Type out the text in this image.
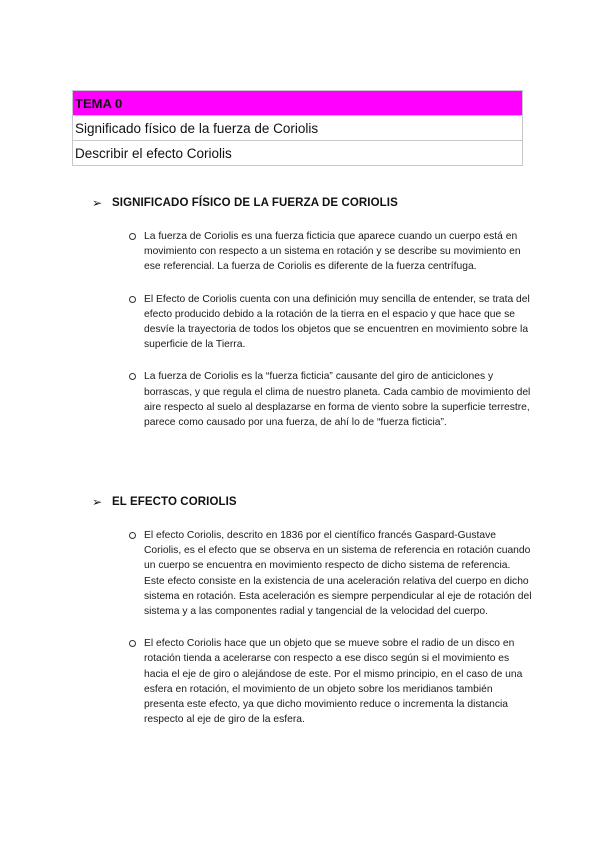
TEMA 0
Significado físico de la fuerza de Coriolis
Describir el efecto Coriolis
➢ SIGNIFICADO FÍSICO DE LA FUERZA DE CORIOLIS
La fuerza de Coriolis es una fuerza ficticia que aparece cuando un cuerpo está en movimiento con respecto a un sistema en rotación y se describe su movimiento en ese referencial. La fuerza de Coriolis es diferente de la fuerza centrífuga.
El Efecto de Coriolis cuenta con una definición muy sencilla de entender, se trata del efecto producido debido a la rotación de la tierra en el espacio y que hace que se desvíe la trayectoria de todos los objetos que se encuentren en movimiento sobre la superficie de la Tierra.
La fuerza de Coriolis es la “fuerza ficticia” causante del giro de anticiclones y borrascas, y que regula el clima de nuestro planeta. Cada cambio de movimiento del aire respecto al suelo al desplazarse en forma de viento sobre la superficie terrestre, parece como causado por una fuerza, de ahí lo de “fuerza ficticia”.
➢ EL EFECTO CORIOLIS
El efecto Coriolis, descrito en 1836 por el científico francés Gaspard-Gustave Coriolis, es el efecto que se observa en un sistema de referencia en rotación cuando un cuerpo se encuentra en movimiento respecto de dicho sistema de referencia. Este efecto consiste en la existencia de una aceleración relativa del cuerpo en dicho sistema en rotación. Esta aceleración es siempre perpendicular al eje de rotación del sistema y a las componentes radial y tangencial de la velocidad del cuerpo.
El efecto Coriolis hace que un objeto que se mueve sobre el radio de un disco en rotación tienda a acelerarse con respecto a ese disco según si el movimiento es hacia el eje de giro o alejándose de este. Por el mismo principio, en el caso de una esfera en rotación, el movimiento de un objeto sobre los meridianos también presenta este efecto, ya que dicho movimiento reduce o incrementa la distancia respecto al eje de giro de la esfera.
